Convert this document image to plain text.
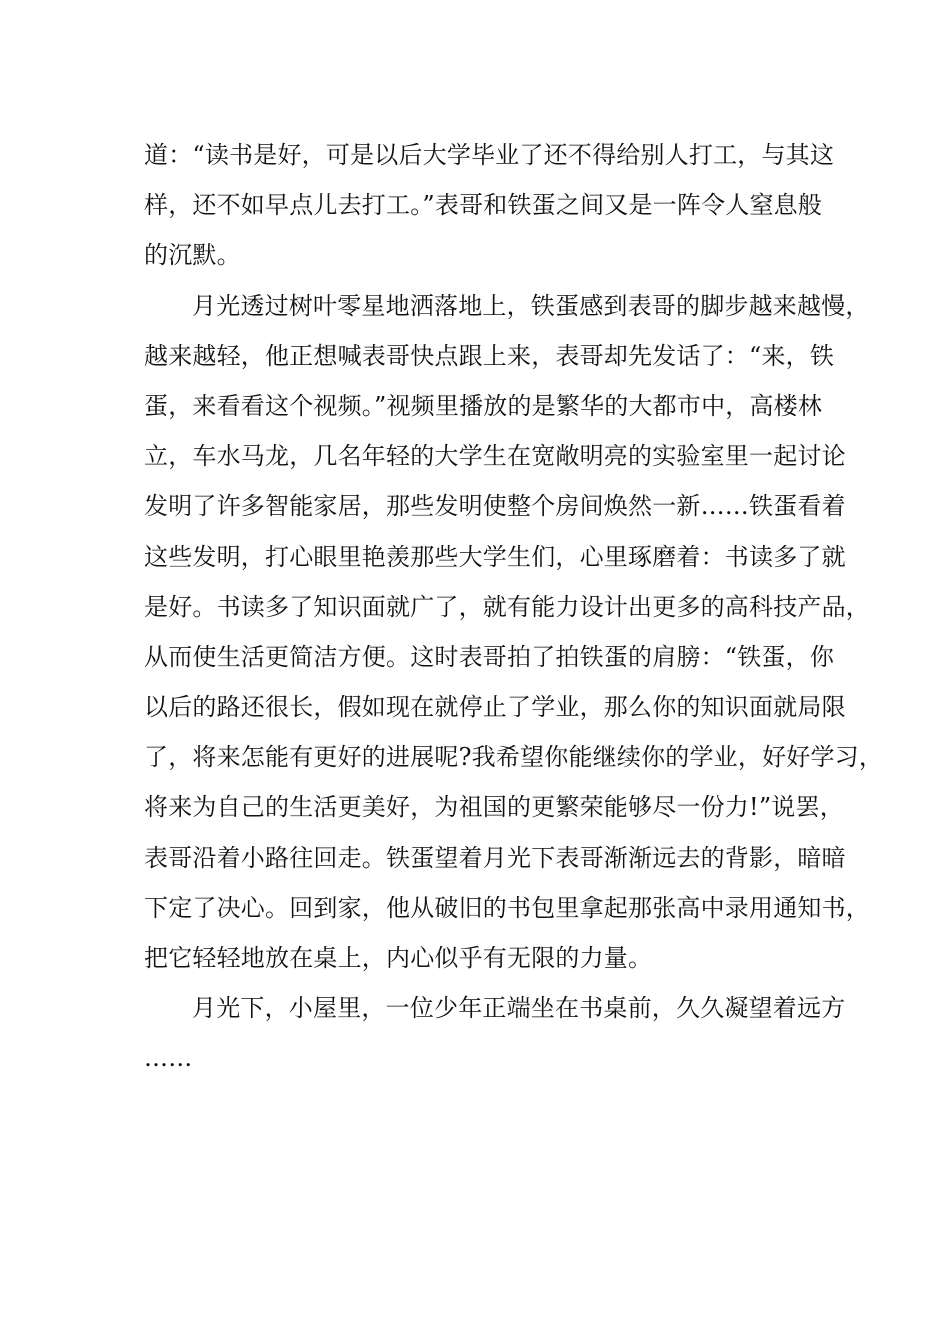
道：“读书是好，可是以后大学毕业了还不得给别人打工，与其这
样，还不如早点儿去打工。”表哥和铁蛋之间又是一阵令人窒息般
的沉默。
月光透过树叶零星地洒落地上，铁蛋感到表哥的脚步越来越慢，
越来越轻，他正想喊表哥快点跟上来，表哥却先发话了：“来，铁
蛋，来看看这个视频。”视频里播放的是繁华的大都市中，高楼林
立，车水马龙，几名年轻的大学生在宽敞明亮的实验室里一起讨论
发明了许多智能家居，那些发明使整个房间焕然一新……铁蛋看着
这些发明，打心眼里艳羡那些大学生们，心里琢磨着：书读多了就
是好。书读多了知识面就广了，就有能力设计出更多的高科技产品，
从而使生活更简洁方便。这时表哥拍了拍铁蛋的肩膀：“铁蛋，你
以后的路还很长，假如现在就停止了学业，那么你的知识面就局限
了，将来怎能有更好的进展呢?我希望你能继续你的学业，好好学习，
将来为自己的生活更美好，为祖国的更繁荣能够尽一份力!”说罢，
表哥沿着小路往回走。铁蛋望着月光下表哥渐渐远去的背影，暗暗
下定了决心。回到家，他从破旧的书包里拿起那张高中录用通知书，
把它轻轻地放在桌上，内心似乎有无限的力量。
月光下，小屋里，一位少年正端坐在书桌前，久久凝望着远方
……
